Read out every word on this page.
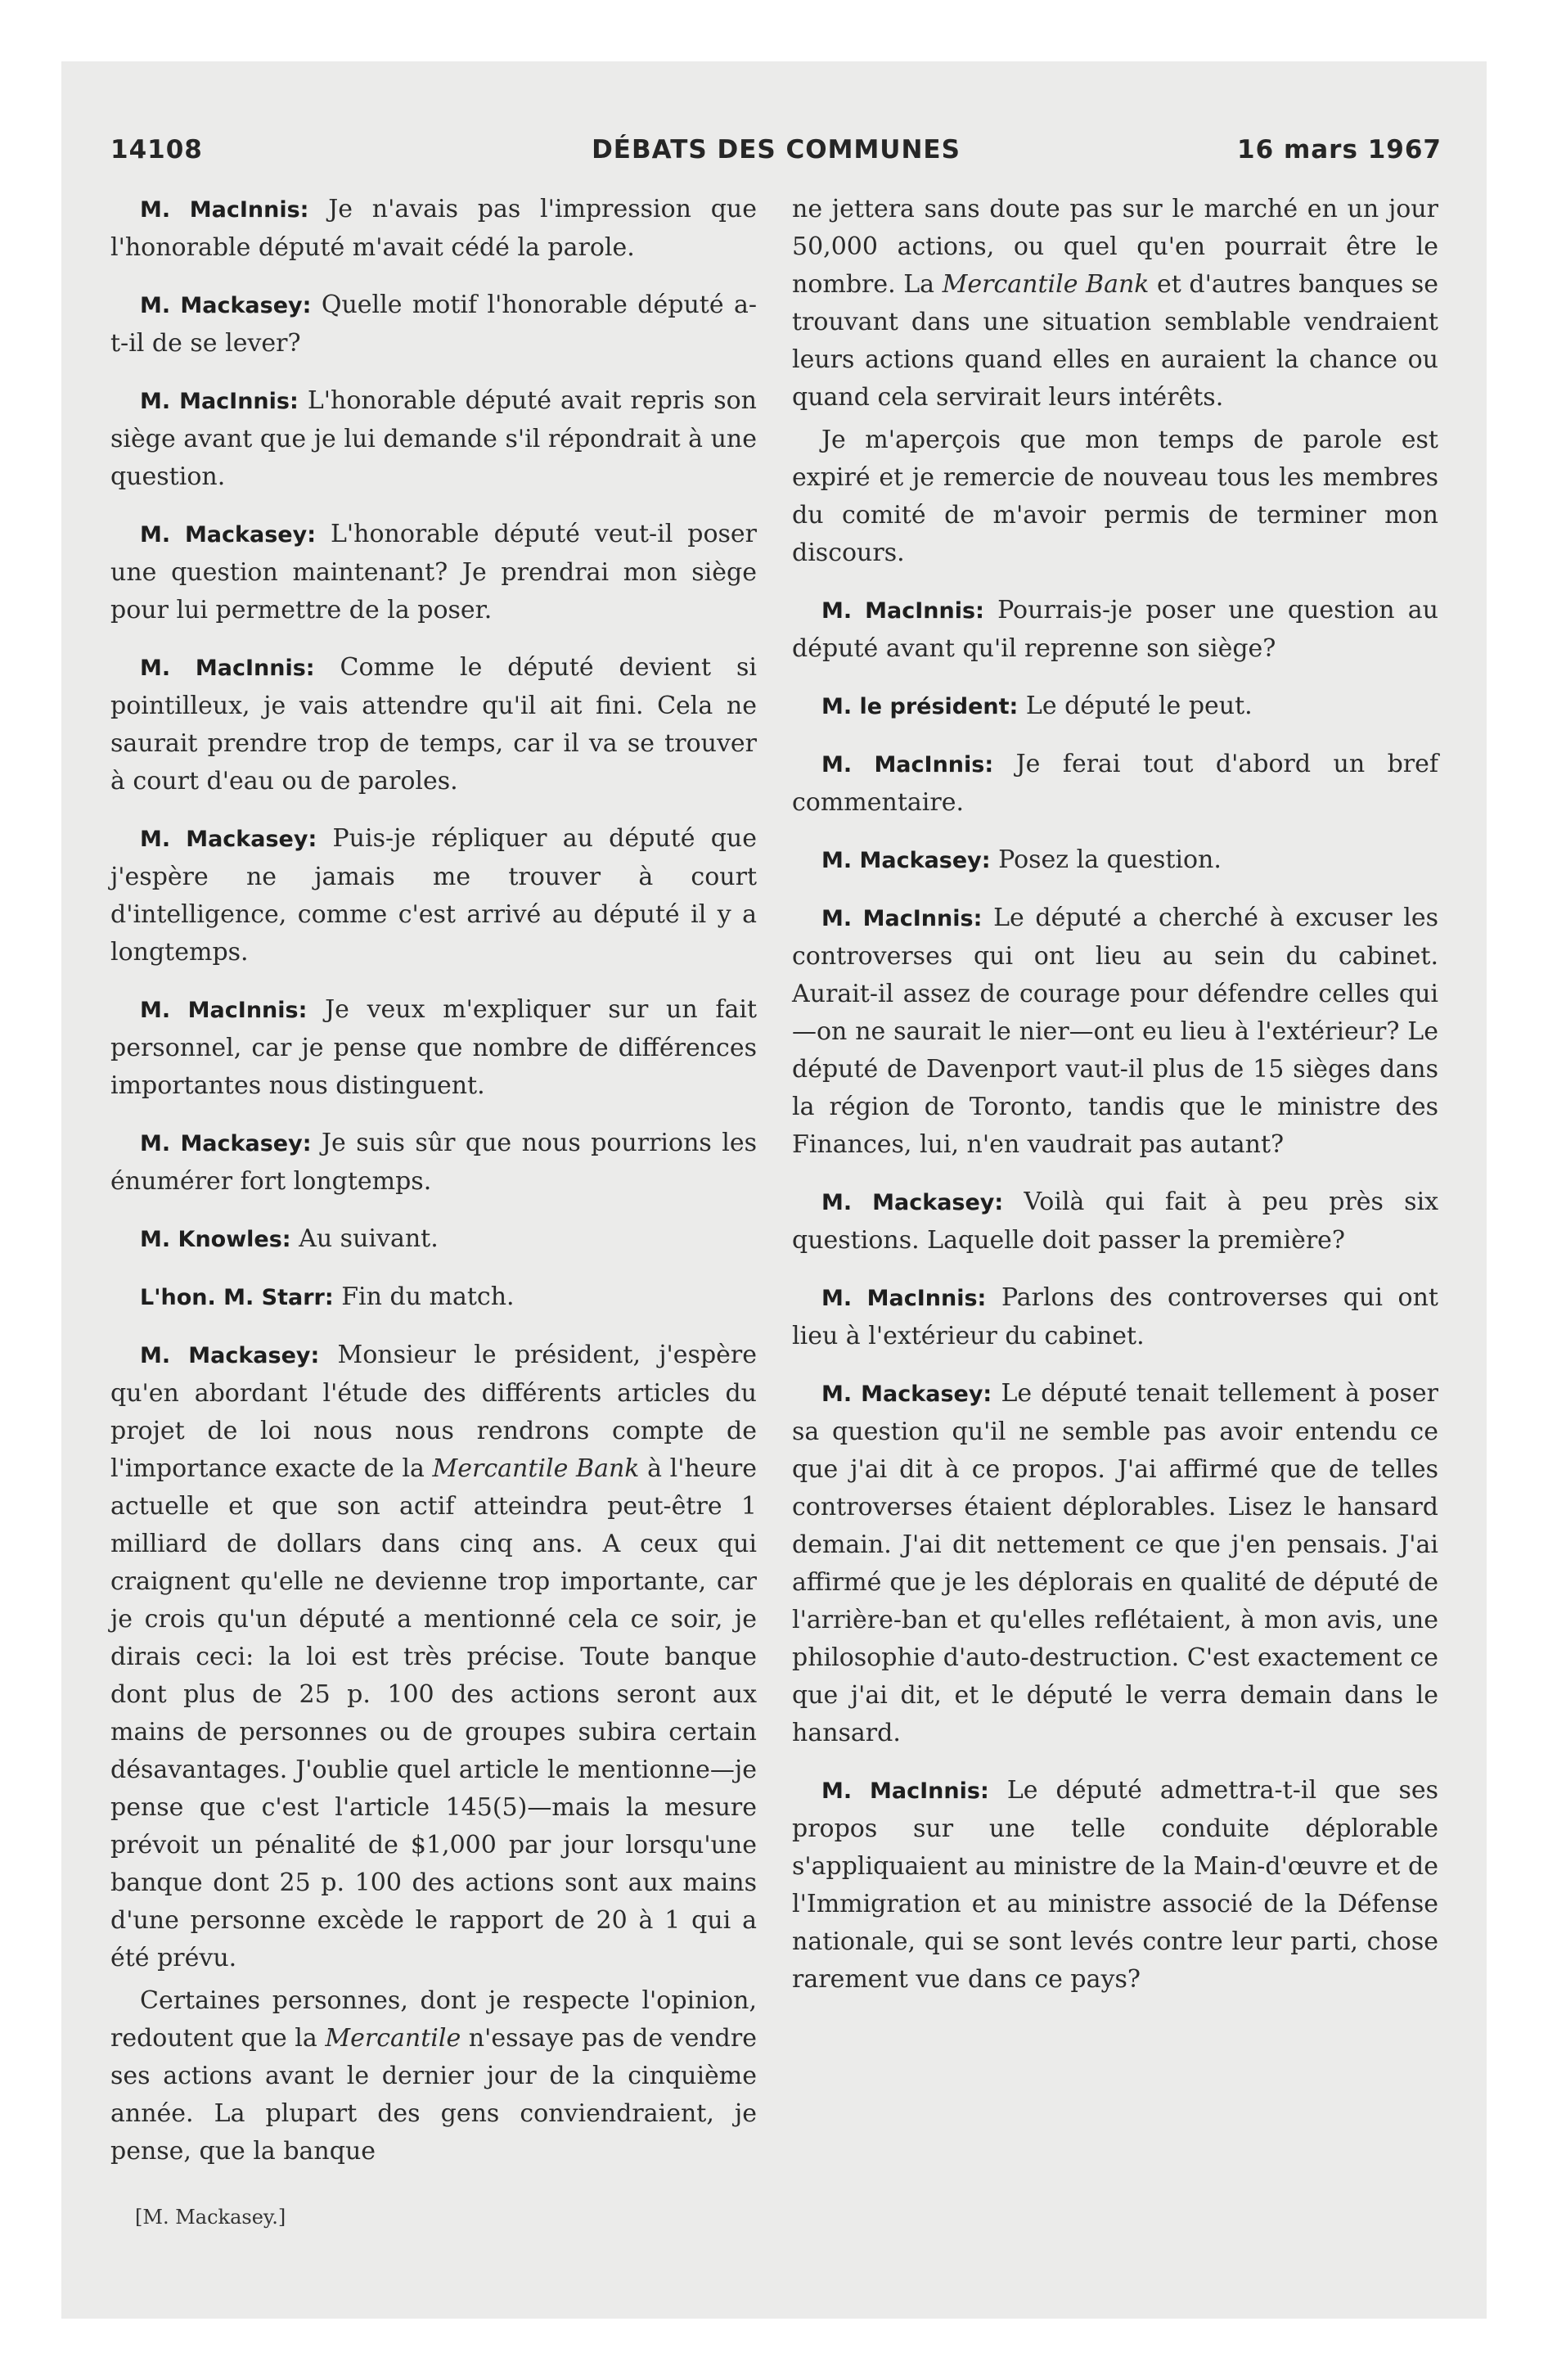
14108	DÉBATS DES COMMUNES	16 mars 1967

M. MacInnis: Je n'avais pas l'impression que l'honorable député m'avait cédé la parole.

M. Mackasey: Quelle motif l'honorable député a-t-il de se lever?

M. MacInnis: L'honorable député avait repris son siège avant que je lui demande s'il répondrait à une question.

M. Mackasey: L'honorable député veut-il poser une question maintenant? Je prendrai mon siège pour lui permettre de la poser.

M. MacInnis: Comme le député devient si pointilleux, je vais attendre qu'il ait fini. Cela ne saurait prendre trop de temps, car il va se trouver à court d'eau ou de paroles.

M. Mackasey: Puis-je répliquer au député que j'espère ne jamais me trouver à court d'intelligence, comme c'est arrivé au député il y a longtemps.

M. MacInnis: Je veux m'expliquer sur un fait personnel, car je pense que nombre de différences importantes nous distinguent.

M. Mackasey: Je suis sûr que nous pourrions les énumérer fort longtemps.

M. Knowles: Au suivant.

L'hon. M. Starr: Fin du match.

M. Mackasey: Monsieur le président, j'espère qu'en abordant l'étude des différents articles du projet de loi nous nous rendrons compte de l'importance exacte de la Mercantile Bank à l'heure actuelle et que son actif atteindra peut-être 1 milliard de dollars dans cinq ans. A ceux qui craignent qu'elle ne devienne trop importante, car je crois qu'un député a mentionné cela ce soir, je dirais ceci: la loi est très précise. Toute banque dont plus de 25 p. 100 des actions seront aux mains de personnes ou de groupes subira certain désavantages. J'oublie quel article le mentionne—je pense que c'est l'article 145(5)—mais la mesure prévoit un pénalité de $1,000 par jour lorsqu'une banque dont 25 p. 100 des actions sont aux mains d'une personne excède le rapport de 20 à 1 qui a été prévu.

Certaines personnes, dont je respecte l'opinion, redoutent que la Mercantile n'essaye pas de vendre ses actions avant le dernier jour de la cinquième année. La plupart des gens conviendraient, je pense, que la banque

[M. Mackasey.]

ne jettera sans doute pas sur le marché en un jour 50,000 actions, ou quel qu'en pourrait être le nombre. La Mercantile Bank et d'autres banques se trouvant dans une situation semblable vendraient leurs actions quand elles en auraient la chance ou quand cela servirait leurs intérêts.

Je m'aperçois que mon temps de parole est expiré et je remercie de nouveau tous les membres du comité de m'avoir permis de terminer mon discours.

M. MacInnis: Pourrais-je poser une question au député avant qu'il reprenne son siège?

M. le président: Le député le peut.

M. MacInnis: Je ferai tout d'abord un bref commentaire.

M. Mackasey: Posez la question.

M. MacInnis: Le député a cherché à excuser les controverses qui ont lieu au sein du cabinet. Aurait-il assez de courage pour défendre celles qui—on ne saurait le nier—ont eu lieu à l'extérieur? Le député de Davenport vaut-il plus de 15 sièges dans la région de Toronto, tandis que le ministre des Finances, lui, n'en vaudrait pas autant?

M. Mackasey: Voilà qui fait à peu près six questions. Laquelle doit passer la première?

M. MacInnis: Parlons des controverses qui ont lieu à l'extérieur du cabinet.

M. Mackasey: Le député tenait tellement à poser sa question qu'il ne semble pas avoir entendu ce que j'ai dit à ce propos. J'ai affirmé que de telles controverses étaient déplorables. Lisez le hansard demain. J'ai dit nettement ce que j'en pensais. J'ai affirmé que je les déplorais en qualité de député de l'arrière-ban et qu'elles reflétaient, à mon avis, une philosophie d'auto-destruction. C'est exactement ce que j'ai dit, et le député le verra demain dans le hansard.

M. MacInnis: Le député admettra-t-il que ses propos sur une telle conduite déplorable s'appliquaient au ministre de la Main-d'œuvre et de l'Immigration et au ministre associé de la Défense nationale, qui se sont levés contre leur parti, chose rarement vue dans ce pays?
